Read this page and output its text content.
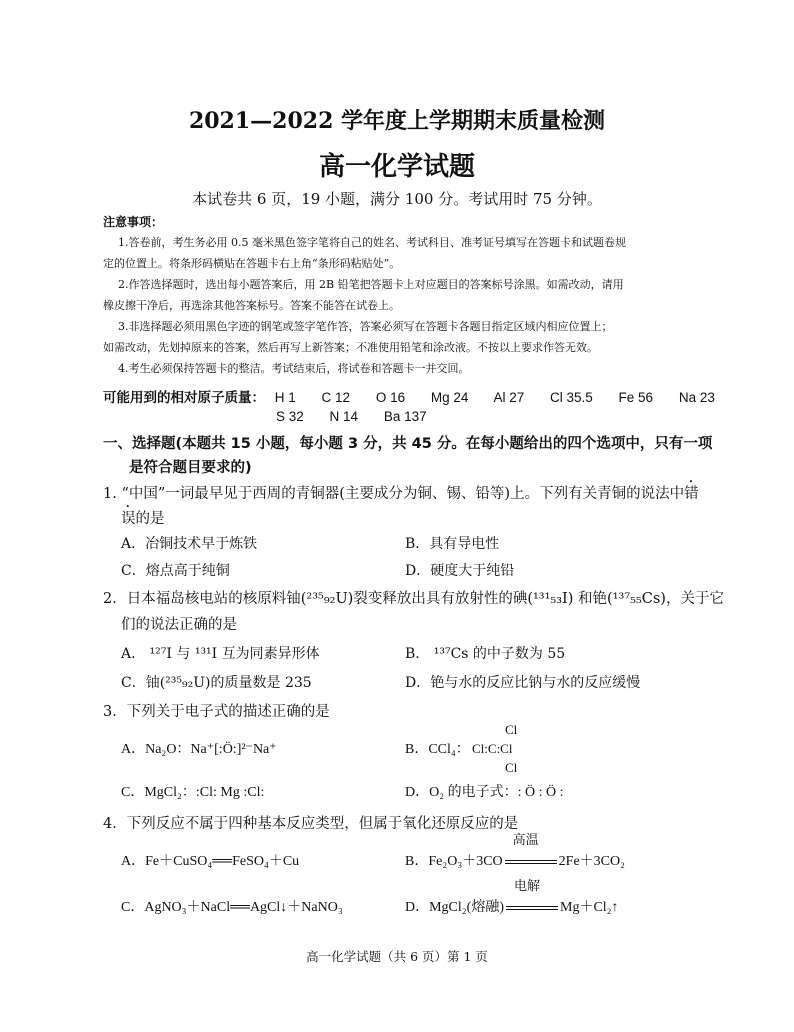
2021—2022 学年度上学期期末质量检测
高一化学试题
本试卷共 6 页，19 小题，满分 100 分。考试用时 75 分钟。
注意事项：
1.答卷前，考生务必用 0.5 毫米黑色签字笔将自己的姓名、考试科目、准考证号填写在答题卡和试题卷规
定的位置上。将条形码横贴在答题卡右上角“条形码粘贴处”。
2.作答选择题时，选出每小题答案后，用 2B 铅笔把答题卡上对应题目的答案标号涂黑。如需改动，请用
橡皮擦干净后，再选涂其他答案标号。答案不能答在试卷上。
3.非选择题必须用黑色字迹的钢笔或签字笔作答，答案必须写在答题卡各题目指定区域内相应位置上；
如需改动，先划掉原来的答案，然后再写上新答案；不准使用铅笔和涂改液。不按以上要求作答无效。
4.考生必须保持答题卡的整洁。考试结束后，将试卷和答题卡一并交回。
可能用到的相对原子质量： H 1 C 12 O 16 Mg 24 Al 27 Cl 35.5 Fe 56 Na 23
S 32 N 14 Ba 137
一、选择题(本题共 15 小题，每小题 3 分，共 45 分。在每小题给出的四个选项中，只有一项
是符合题目要求的)
1. “中国”一词最早见于西周的青铜器(主要成分为铜、锡、铅等)上。下列有关青铜的说法中错
误的是
A．冶铜技术早于炼铁	B．具有导电性
C．熔点高于纯铜	D．硬度大于纯铅
2．日本福岛核电站的核原料铀(²³⁵₉₂U)裂变释放出具有放射性的碘(¹³¹₅₃I) 和铯(¹³⁷₅₅Cs)，关于它
们的说法正确的是
A． ¹²⁷I 与 ¹³¹I 互为同素异形体	B． ¹³⁷Cs 的中子数为 55
C．铀(²³⁵₉₂U)的质量数是 235	D．铯与水的反应比钠与水的反应缓慢
3．下列关于电子式的描述正确的是
A．Na₂O：Na⁺[:Ö:]²⁻Na⁺	B．CCl₄：
Cl
Cl:C:Cl
Cl
C．MgCl₂：:Cl: Mg :Cl:	D．O₂ 的电子式：: Ö : Ö :
4．下列反应不属于四种基本反应类型，但属于氧化还原反应的是
A．Fe＋CuSO₄══FeSO₄＋Cu	B．Fe₂O₃＋3CO
高温
2Fe＋3CO₂
C．AgNO₃＋NaCl══AgCl↓＋NaNO₃	D．MgCl₂(熔融)
电解
Mg＋Cl₂↑
高一化学试题（共 6 页）第 1 页
